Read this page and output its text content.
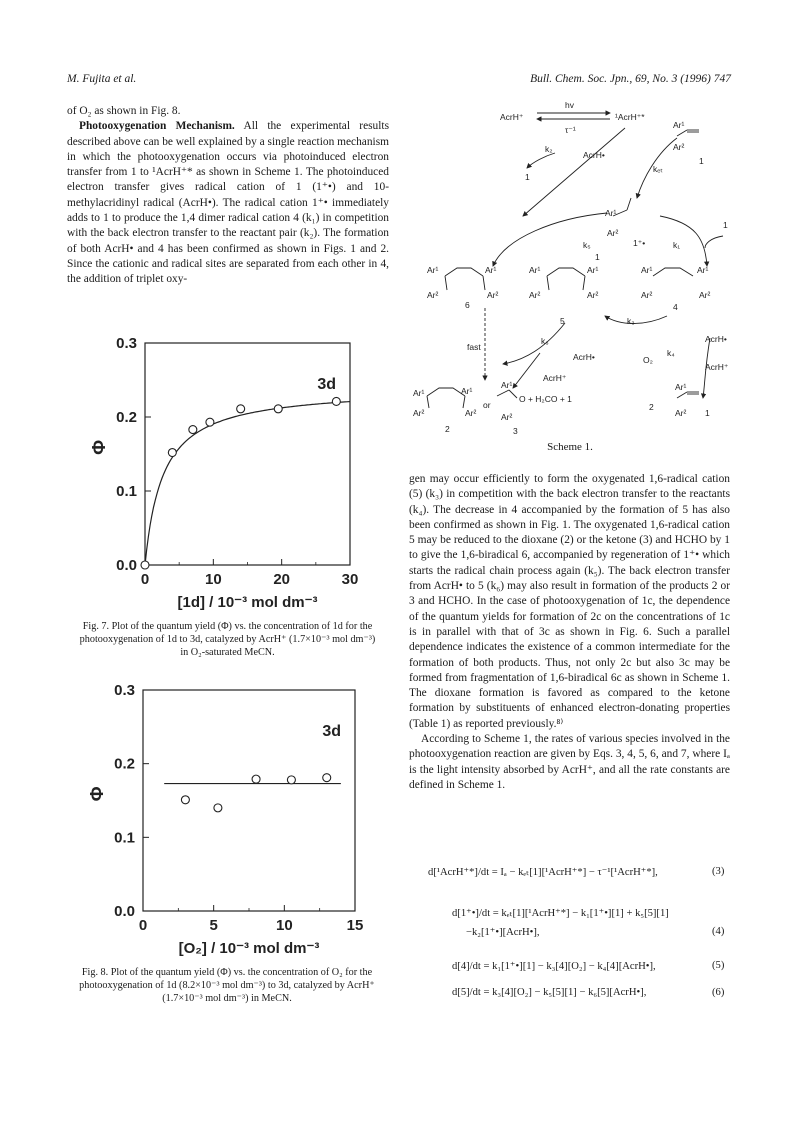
M. Fujita et al.	Bull. Chem. Soc. Jpn., 69, No. 3 (1996) 747

of O₂ as shown in Fig. 8.

Photooxygenation Mechanism. All the experimental results described above can be well explained by a single reaction mechanism in which the photooxygenation occurs via photoinduced electron transfer from 1 to ¹AcrH⁺* as shown in Scheme 1. The photoinduced electron transfer gives radical cation of 1 (1⁺•) and 10-methylacridinyl radical (AcrH•). The radical cation 1⁺• immediately adds to 1 to produce the 1,4 dimer radical cation 4 (k₁) in competition with the back electron transfer to the reactant pair (k₂). The formation of both AcrH• and 4 has been confirmed as shown in Figs. 1 and 2. Since the cationic and radical sites are separated from each other in 4, the addition of triplet oxy-

0.0
0.1
0.2
0.3
0	10	20	30
Φ
[1d] / 10⁻³ mol dm⁻³
3d
Fig. 7. Plot of the quantum yield (Φ) vs. the concentration of 1d for the photooxygenation of 1d to 3d, catalyzed by AcrH⁺ (1.7×10⁻³ mol dm⁻³) in O₂-saturated MeCN.
0.0
0.1
0.2
0.3
0	5	10	15
Φ
[O₂] / 10⁻³ mol dm⁻³
3d
Fig. 8. Plot of the quantum yield (Φ) vs. the concentration of O₂ for the photooxygenation of 1d (8.2×10⁻³ mol dm⁻³) to 3d, catalyzed by AcrH⁺ (1.7×10⁻³ mol dm⁻³) in MeCN.
AcrH⁺
hv
¹AcrH⁺*
τ⁻¹
k₂
AcrH•
1
kₑₜ
Ar¹
Ar²
1
Ar¹
Ar²
1⁺•
k₅	k₁
1
1
Ar¹	Ar¹
Ar²	Ar²
6
Ar¹	Ar¹
Ar²	Ar²
5
Ar¹	Ar¹
Ar²	Ar²
4
k₃
fast
k₆
AcrH•
AcrH⁺
O₂
k₄
AcrH•
AcrH⁺
Ar¹	Ar¹
Ar²	Ar²
2
or
Ar¹
Ar²
O + H₂CO + 1
3
2
Ar¹
Ar² 1
Scheme 1.

gen may occur efficiently to form the oxygenated 1,6-radical cation (5) (k₃) in competition with the back electron transfer to the reactants (k₄). The decrease in 4 accompanied by the formation of 5 has also been confirmed as shown in Fig. 1. The oxygenated 1,6-radical cation 5 may be reduced to the dioxane (2) or the ketone (3) and HCHO by 1 to give the 1,6-biradical 6, accompanied by regeneration of 1⁺• which starts the radical chain process again (k₅). The back electron transfer from AcrH• to 5 (k₆) may also result in formation of the products 2 or 3 and HCHO. In the case of photooxygenation of 1c, the dependence of the quantum yields for formation of 2c on the concentrations of 1c is in parallel with that of 3c as shown in Fig. 6. Such a parallel dependence indicates the existence of a common intermediate for the formation of both products. Thus, not only 2c but also 3c may be formed from fragmentation of 1,6-biradical 6c as shown in Scheme 1. The dioxane formation is favored as compared to the ketone formation by substituents of enhanced electron-donating properties (Table 1) as reported previously.⁸⁾

According to Scheme 1, the rates of various species involved in the photooxygenation reaction are given by Eqs. 3, 4, 5, 6, and 7, where Iₐ is the light intensity absorbed by AcrH⁺, and all the rate constants are defined in Scheme 1.

d[¹AcrH⁺*]/dt = Iₐ − kₑₜ[1][¹AcrH⁺*] − τ⁻¹[¹AcrH⁺*],	(3)
d[1⁺•]/dt = kₑₜ[1][¹AcrH⁺*] − k₁[1⁺•][1] + k₅[5][1]
−k₂[1⁺•][AcrH•],	(4)
d[4]/dt = k₁[1⁺•][1] − k₃[4][O₂] − k₄[4][AcrH•],	(5)
d[5]/dt = k₃[4][O₂] − k₅[5][1] − k₆[5][AcrH•],	(6)
